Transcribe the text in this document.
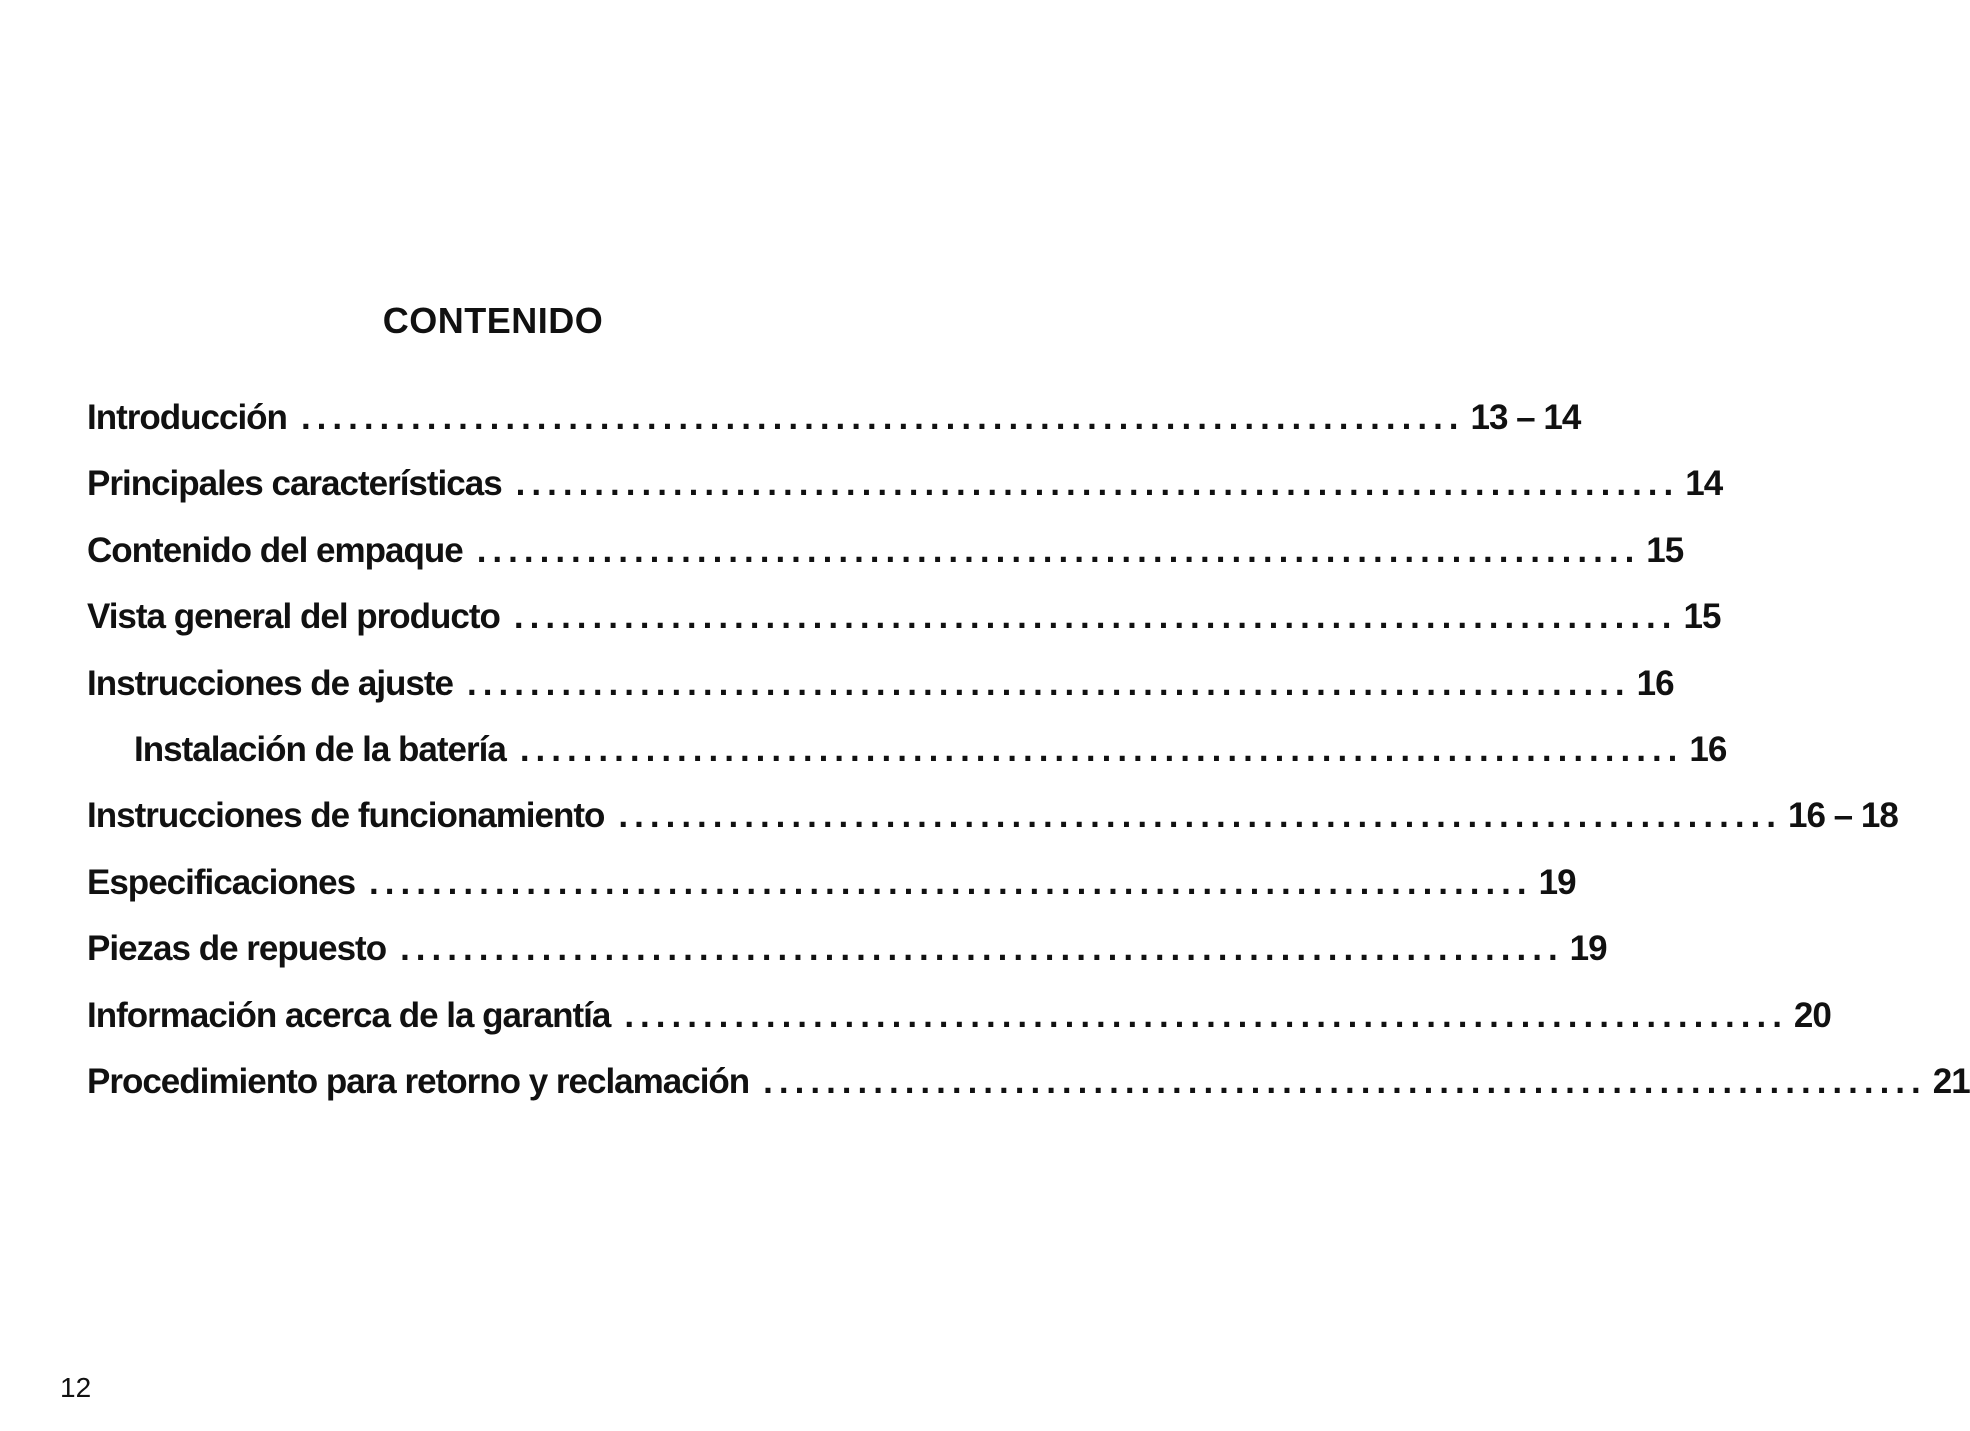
CONTENIDO
Introducción .......................................................................... 13 – 14
Principales características .......................................................................... 14
Contenido del empaque .......................................................................... 15
Vista general del producto .......................................................................... 15
Instrucciones de ajuste .......................................................................... 16
Instalación de la batería .......................................................................... 16
Instrucciones de funcionamiento .......................................................................... 16 – 18
Especificaciones .......................................................................... 19
Piezas de repuesto .......................................................................... 19
Información acerca de la garantía .......................................................................... 20
Procedimiento para retorno y reclamación .......................................................................... 21
12
